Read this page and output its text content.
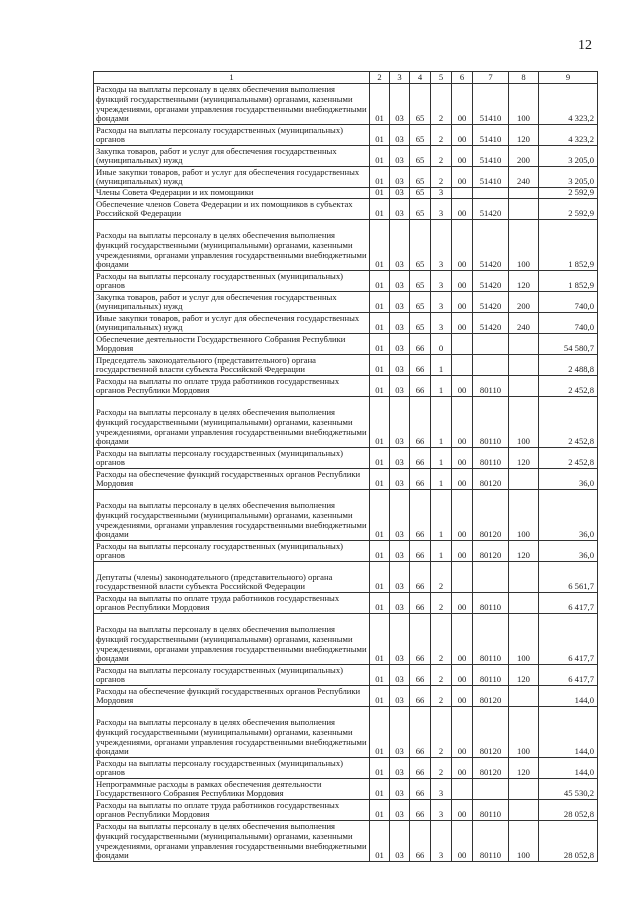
12
1	2	3	4	5	6	7	8	9
Расходы на выплаты персоналу в целях обеспечения выполнения функций государственными (муниципальными) органами, казенными учреждениями, органами управления государственными внебюджетными фондами	01	03	65	2	00	51410	100	4 323,2
Расходы на выплаты персоналу государственных (муниципальных) органов	01	03	65	2	00	51410	120	4 323,2
Закупка товаров, работ и услуг для обеспечения государственных (муниципальных) нужд	01	03	65	2	00	51410	200	3 205,0
Иные закупки товаров, работ и услуг для обеспечения государственных (муниципальных) нужд	01	03	65	2	00	51410	240	3 205,0
Члены Совета Федерации и их помощники	01	03	65	3				2 592,9
Обеспечение членов Совета Федерации и их помощников в субъектах Российской Федерации	01	03	65	3	00	51420		2 592,9
Расходы на выплаты персоналу в целях обеспечения выполнения функций государственными (муниципальными) органами, казенными учреждениями, органами управления государственными внебюджетными фондами	01	03	65	3	00	51420	100	1 852,9
Расходы на выплаты персоналу государственных (муниципальных) органов	01	03	65	3	00	51420	120	1 852,9
Закупка товаров, работ и услуг для обеспечения государственных (муниципальных) нужд	01	03	65	3	00	51420	200	740,0
Иные закупки товаров, работ и услуг для обеспечения государственных (муниципальных) нужд	01	03	65	3	00	51420	240	740,0
Обеспечение деятельности Государственного Собрания Республики Мордовия	01	03	66	0				54 580,7
Председатель законодательного (представительного) органа государственной власти субъекта Российской Федерации	01	03	66	1				2 488,8
Расходы на выплаты по оплате труда работников государственных органов Республики Мордовия	01	03	66	1	00	80110		2 452,8
Расходы на выплаты персоналу в целях обеспечения выполнения функций государственными (муниципальными) органами, казенными учреждениями, органами управления государственными внебюджетными фондами	01	03	66	1	00	80110	100	2 452,8
Расходы на выплаты персоналу государственных (муниципальных) органов	01	03	66	1	00	80110	120	2 452,8
Расходы на обеспечение функций государственных органов Республики Мордовия	01	03	66	1	00	80120		36,0
Расходы на выплаты персоналу в целях обеспечения выполнения функций государственными (муниципальными) органами, казенными учреждениями, органами управления государственными внебюджетными фондами	01	03	66	1	00	80120	100	36,0
Расходы на выплаты персоналу государственных (муниципальных) органов	01	03	66	1	00	80120	120	36,0
Депутаты (члены) законодательного (представительного) органа государственной власти субъекта Российской Федерации	01	03	66	2				6 561,7
Расходы на выплаты по оплате труда работников государственных органов Республики Мордовия	01	03	66	2	00	80110		6 417,7
Расходы на выплаты персоналу в целях обеспечения выполнения функций государственными (муниципальными) органами, казенными учреждениями, органами управления государственными внебюджетными фондами	01	03	66	2	00	80110	100	6 417,7
Расходы на выплаты персоналу государственных (муниципальных) органов	01	03	66	2	00	80110	120	6 417,7
Расходы на обеспечение функций государственных органов Республики Мордовия	01	03	66	2	00	80120		144,0
Расходы на выплаты персоналу в целях обеспечения выполнения функций государственными (муниципальными) органами, казенными учреждениями, органами управления государственными внебюджетными фондами	01	03	66	2	00	80120	100	144,0
Расходы на выплаты персоналу государственных (муниципальных) органов	01	03	66	2	00	80120	120	144,0
Непрограммные расходы в рамках обеспечения деятельности Государственного Собрания Республики Мордовия	01	03	66	3				45 530,2
Расходы на выплаты по оплате труда работников государственных органов Республики Мордовия	01	03	66	3	00	80110		28 052,8
Расходы на выплаты персоналу в целях обеспечения выполнения функций государственными (муниципальными) органами, казенными учреждениями, органами управления государственными внебюджетными фондами	01	03	66	3	00	80110	100	28 052,8
